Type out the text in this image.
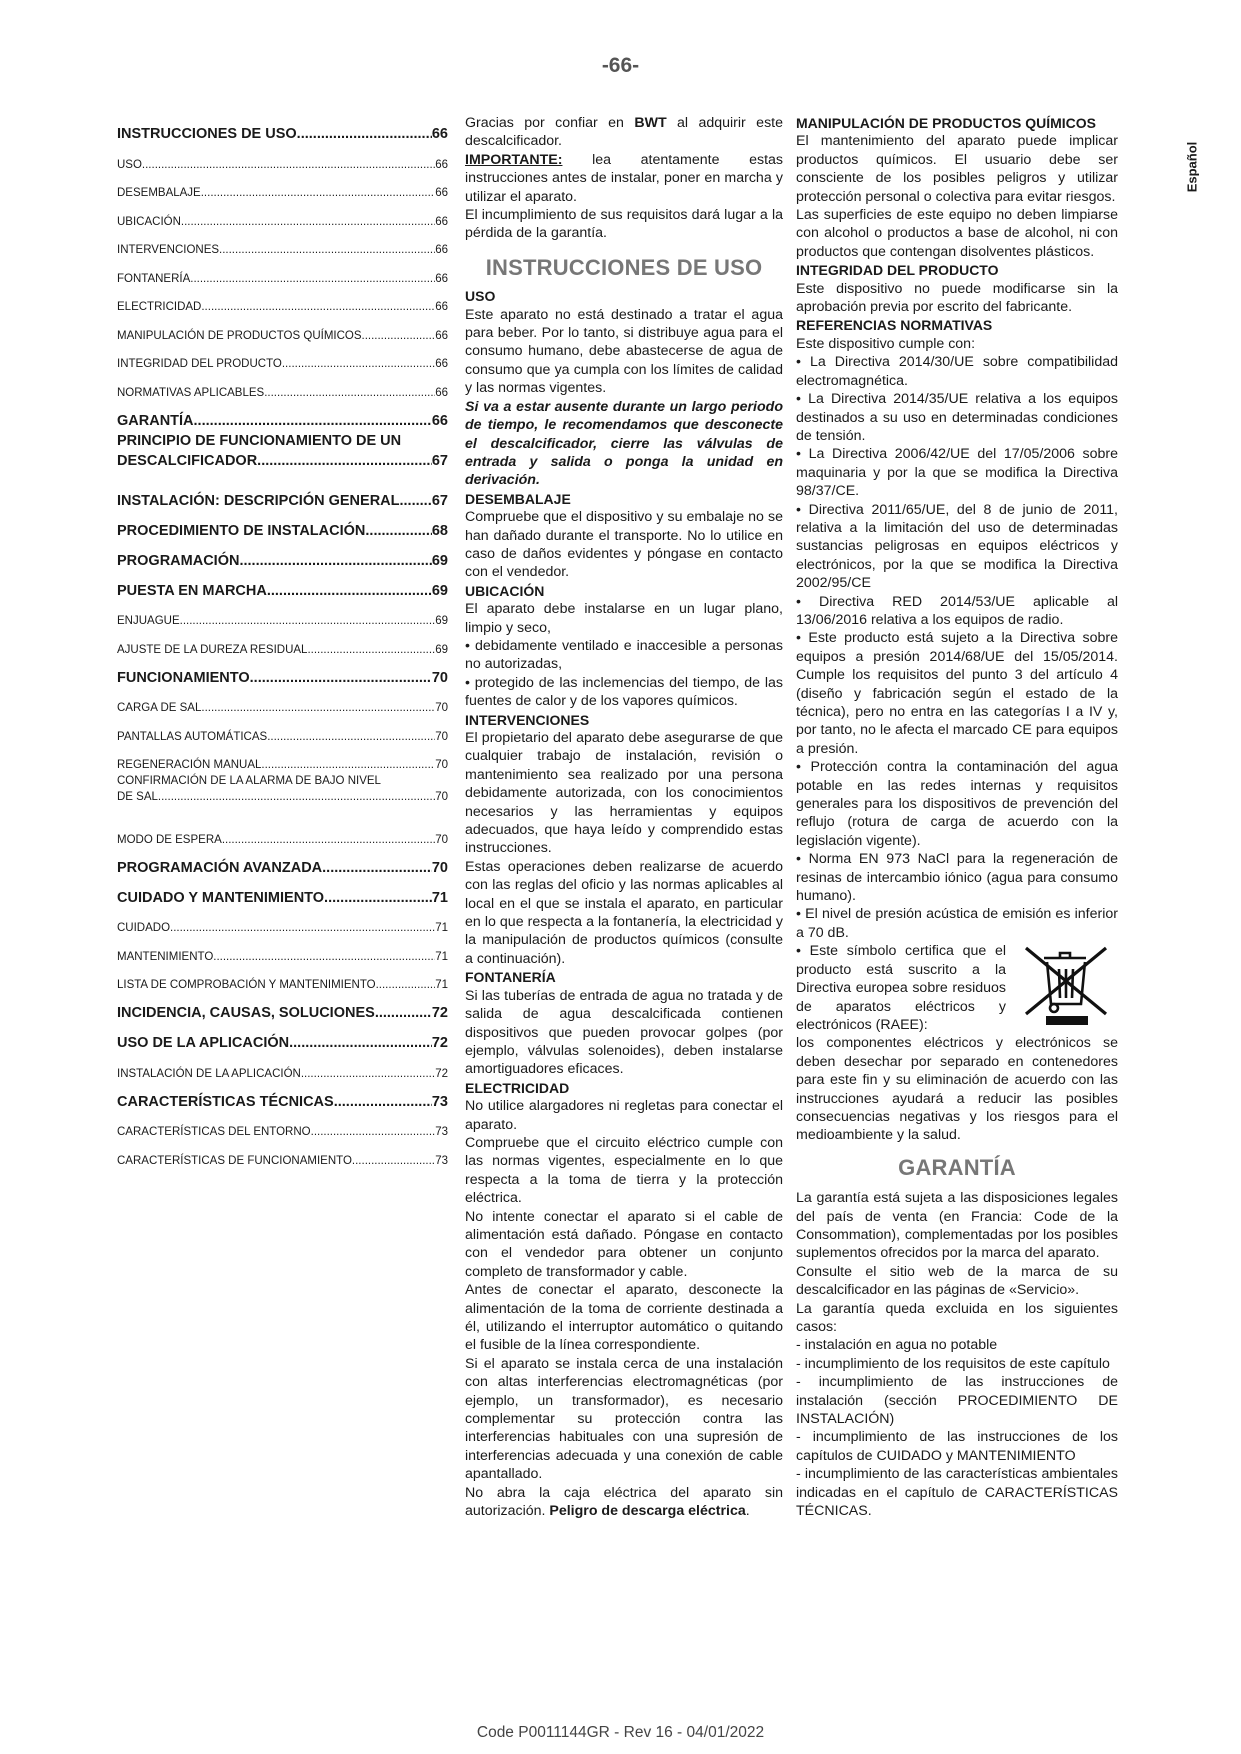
-66-
Español
INSTRUCCIONES DE USO .....	66
USO .....	66
DESEMBALAJE .....	66
UBICACIÓN .....	66
INTERVENCIONES .....	66
FONTANERÍA .....	66
ELECTRICIDAD .....	66
MANIPULACIÓN DE PRODUCTOS QUÍMICOS .....	66
INTEGRIDAD DEL PRODUCTO .....	66
NORMATIVAS APLICABLES .....	66
GARANTÍA .....	66
PRINCIPIO DE FUNCIONAMIENTO DE UN
DESCALCIFICADOR .....	67
INSTALACIÓN: DESCRIPCIÓN GENERAL ..... 67
PROCEDIMIENTO DE INSTALACIÓN .....	68
PROGRAMACIÓN .....	69
PUESTA EN MARCHA .....	69
ENJUAGUE .....	69
AJUSTE DE LA DUREZA RESIDUAL .....	69
FUNCIONAMIENTO .....	70
CARGA DE SAL .....	70
PANTALLAS AUTOMÁTICAS .....	70
REGENERACIÓN MANUAL .....	70
CONFIRMACIÓN DE LA ALARMA DE BAJO NIVEL
DE SAL .....	70
MODO DE ESPERA .....	70
PROGRAMACIÓN AVANZADA .....	70
CUIDADO Y MANTENIMIENTO .....	71
CUIDADO .....	71
MANTENIMIENTO .....	71
LISTA DE COMPROBACIÓN Y MANTENIMIENTO .....	71
INCIDENCIA, CAUSAS, SOLUCIONES .....	72
USO DE LA APLICACIÓN .....	72
INSTALACIÓN DE LA APLICACIÓN .....	72
CARACTERÍSTICAS TÉCNICAS .....	73
CARACTERÍSTICAS DEL ENTORNO .....	73
CARACTERÍSTICAS DE FUNCIONAMIENTO .....	73

Gracias por confiar en BWT al adquirir este descalcificador.

IMPORTANTE: lea atentamente estas instrucciones antes de instalar, poner en marcha y utilizar el aparato.

El incumplimiento de sus requisitos dará lugar a la pérdida de la garantía.

INSTRUCCIONES DE USO
USO

Este aparato no está destinado a tratar el agua para beber. Por lo tanto, si distribuye agua para el consumo humano, debe abastecerse de agua de consumo que ya cumpla con los límites de calidad y las normas vigentes.

Si va a estar ausente durante un largo periodo de tiempo, le recomendamos que desconecte el descalcificador, cierre las válvulas de entrada y salida o ponga la unidad en derivación.

DESEMBALAJE

Compruebe que el dispositivo y su embalaje no se han dañado durante el transporte. No lo utilice en caso de daños evidentes y póngase en contacto con el vendedor.

UBICACIÓN

El aparato debe instalarse en un lugar plano, limpio y seco,

• debidamente ventilado e inaccesible a personas no autorizadas,

• protegido de las inclemencias del tiempo, de las fuentes de calor y de los vapores químicos.

INTERVENCIONES

El propietario del aparato debe asegurarse de que cualquier trabajo de instalación, revisión o mantenimiento sea realizado por una persona debidamente autorizada, con los conocimientos necesarios y las herramientas y equipos adecuados, que haya leído y comprendido estas instrucciones.

Estas operaciones deben realizarse de acuerdo con las reglas del oficio y las normas aplicables al local en el que se instala el aparato, en particular en lo que respecta a la fontanería, la electricidad y la manipulación de productos químicos (consulte a continuación).

FONTANERÍA

Si las tuberías de entrada de agua no tratada y de salida de agua descalcificada contienen dispositivos que pueden provocar golpes (por ejemplo, válvulas solenoides), deben instalarse amortiguadores eficaces.

ELECTRICIDAD

No utilice alargadores ni regletas para conectar el aparato.

Compruebe que el circuito eléctrico cumple con las normas vigentes, especialmente en lo que respecta a la toma de tierra y la protección eléctrica.

No intente conectar el aparato si el cable de alimentación está dañado. Póngase en contacto con el vendedor para obtener un conjunto completo de transformador y cable.

Antes de conectar el aparato, desconecte la alimentación de la toma de corriente destinada a él, utilizando el interruptor automático o quitando el fusible de la línea correspondiente.

Si el aparato se instala cerca de una instalación con altas interferencias electromagnéticas (por ejemplo, un transformador), es necesario complementar su protección contra las interferencias habituales con una supresión de interferencias adecuada y una conexión de cable apantallado.

No abra la caja eléctrica del aparato sin autorización. Peligro de descarga eléctrica.

MANIPULACIÓN DE PRODUCTOS QUÍMICOS

El mantenimiento del aparato puede implicar productos químicos. El usuario debe ser consciente de los posibles peligros y utilizar protección personal o colectiva para evitar riesgos.

Las superficies de este equipo no deben limpiarse con alcohol o productos a base de alcohol, ni con productos que contengan disolventes plásticos.

INTEGRIDAD DEL PRODUCTO

Este dispositivo no puede modificarse sin la aprobación previa por escrito del fabricante.

REFERENCIAS NORMATIVAS

Este dispositivo cumple con:

• La Directiva 2014/30/UE sobre compatibilidad electromagnética.

• La Directiva 2014/35/UE relativa a los equipos destinados a su uso en determinadas condiciones de tensión.

• La Directiva 2006/42/UE del 17/05/2006 sobre maquinaria y por la que se modifica la Directiva 98/37/CE.

• Directiva 2011/65/UE, del 8 de junio de 2011, relativa a la limitación del uso de determinadas sustancias peligrosas en equipos eléctricos y electrónicos, por la que se modifica la Directiva 2002/95/CE

• Directiva RED 2014/53/UE aplicable al 13/06/2016 relativa a los equipos de radio.

• Este producto está sujeto a la Directiva sobre equipos a presión 2014/68/UE del 15/05/2014. Cumple los requisitos del punto 3 del artículo 4 (diseño y fabricación según el estado de la técnica), pero no entra en las categorías I a IV y, por tanto, no le afecta el marcado CE para equipos a presión.

• Protección contra la contaminación del agua potable en las redes internas y requisitos generales para los dispositivos de prevención del reflujo (rotura de carga de acuerdo con la legislación vigente).

• Norma EN 973 NaCl para la regeneración de resinas de intercambio iónico (agua para consumo humano).

• El nivel de presión acústica de emisión es inferior a 70 dB.

• Este símbolo certifica que el producto está suscrito a la Directiva europea sobre residuos de aparatos eléctricos y electrónicos (RAEE):

los componentes eléctricos y electrónicos se deben desechar por separado en contenedores para este fin y su eliminación de acuerdo con las instrucciones ayudará a reducir las posibles consecuencias negativas y los riesgos para el medioambiente y la salud.

GARANTÍA

La garantía está sujeta a las disposiciones legales del país de venta (en Francia: Code de la Consommation), complementadas por los posibles suplementos ofrecidos por la marca del aparato.

Consulte el sitio web de la marca de su descalcificador en las páginas de «Servicio».

La garantía queda excluida en los siguientes casos:

- instalación en agua no potable

- incumplimiento de los requisitos de este capítulo

- incumplimiento de las instrucciones de instalación (sección PROCEDIMIENTO DE INSTALACIÓN)

- incumplimiento de las instrucciones de los capítulos de CUIDADO y MANTENIMIENTO

- incumplimiento de las características ambientales indicadas en el capítulo de CARACTERÍSTICAS TÉCNICAS.

Code P0011144GR - Rev 16 - 04/01/2022
